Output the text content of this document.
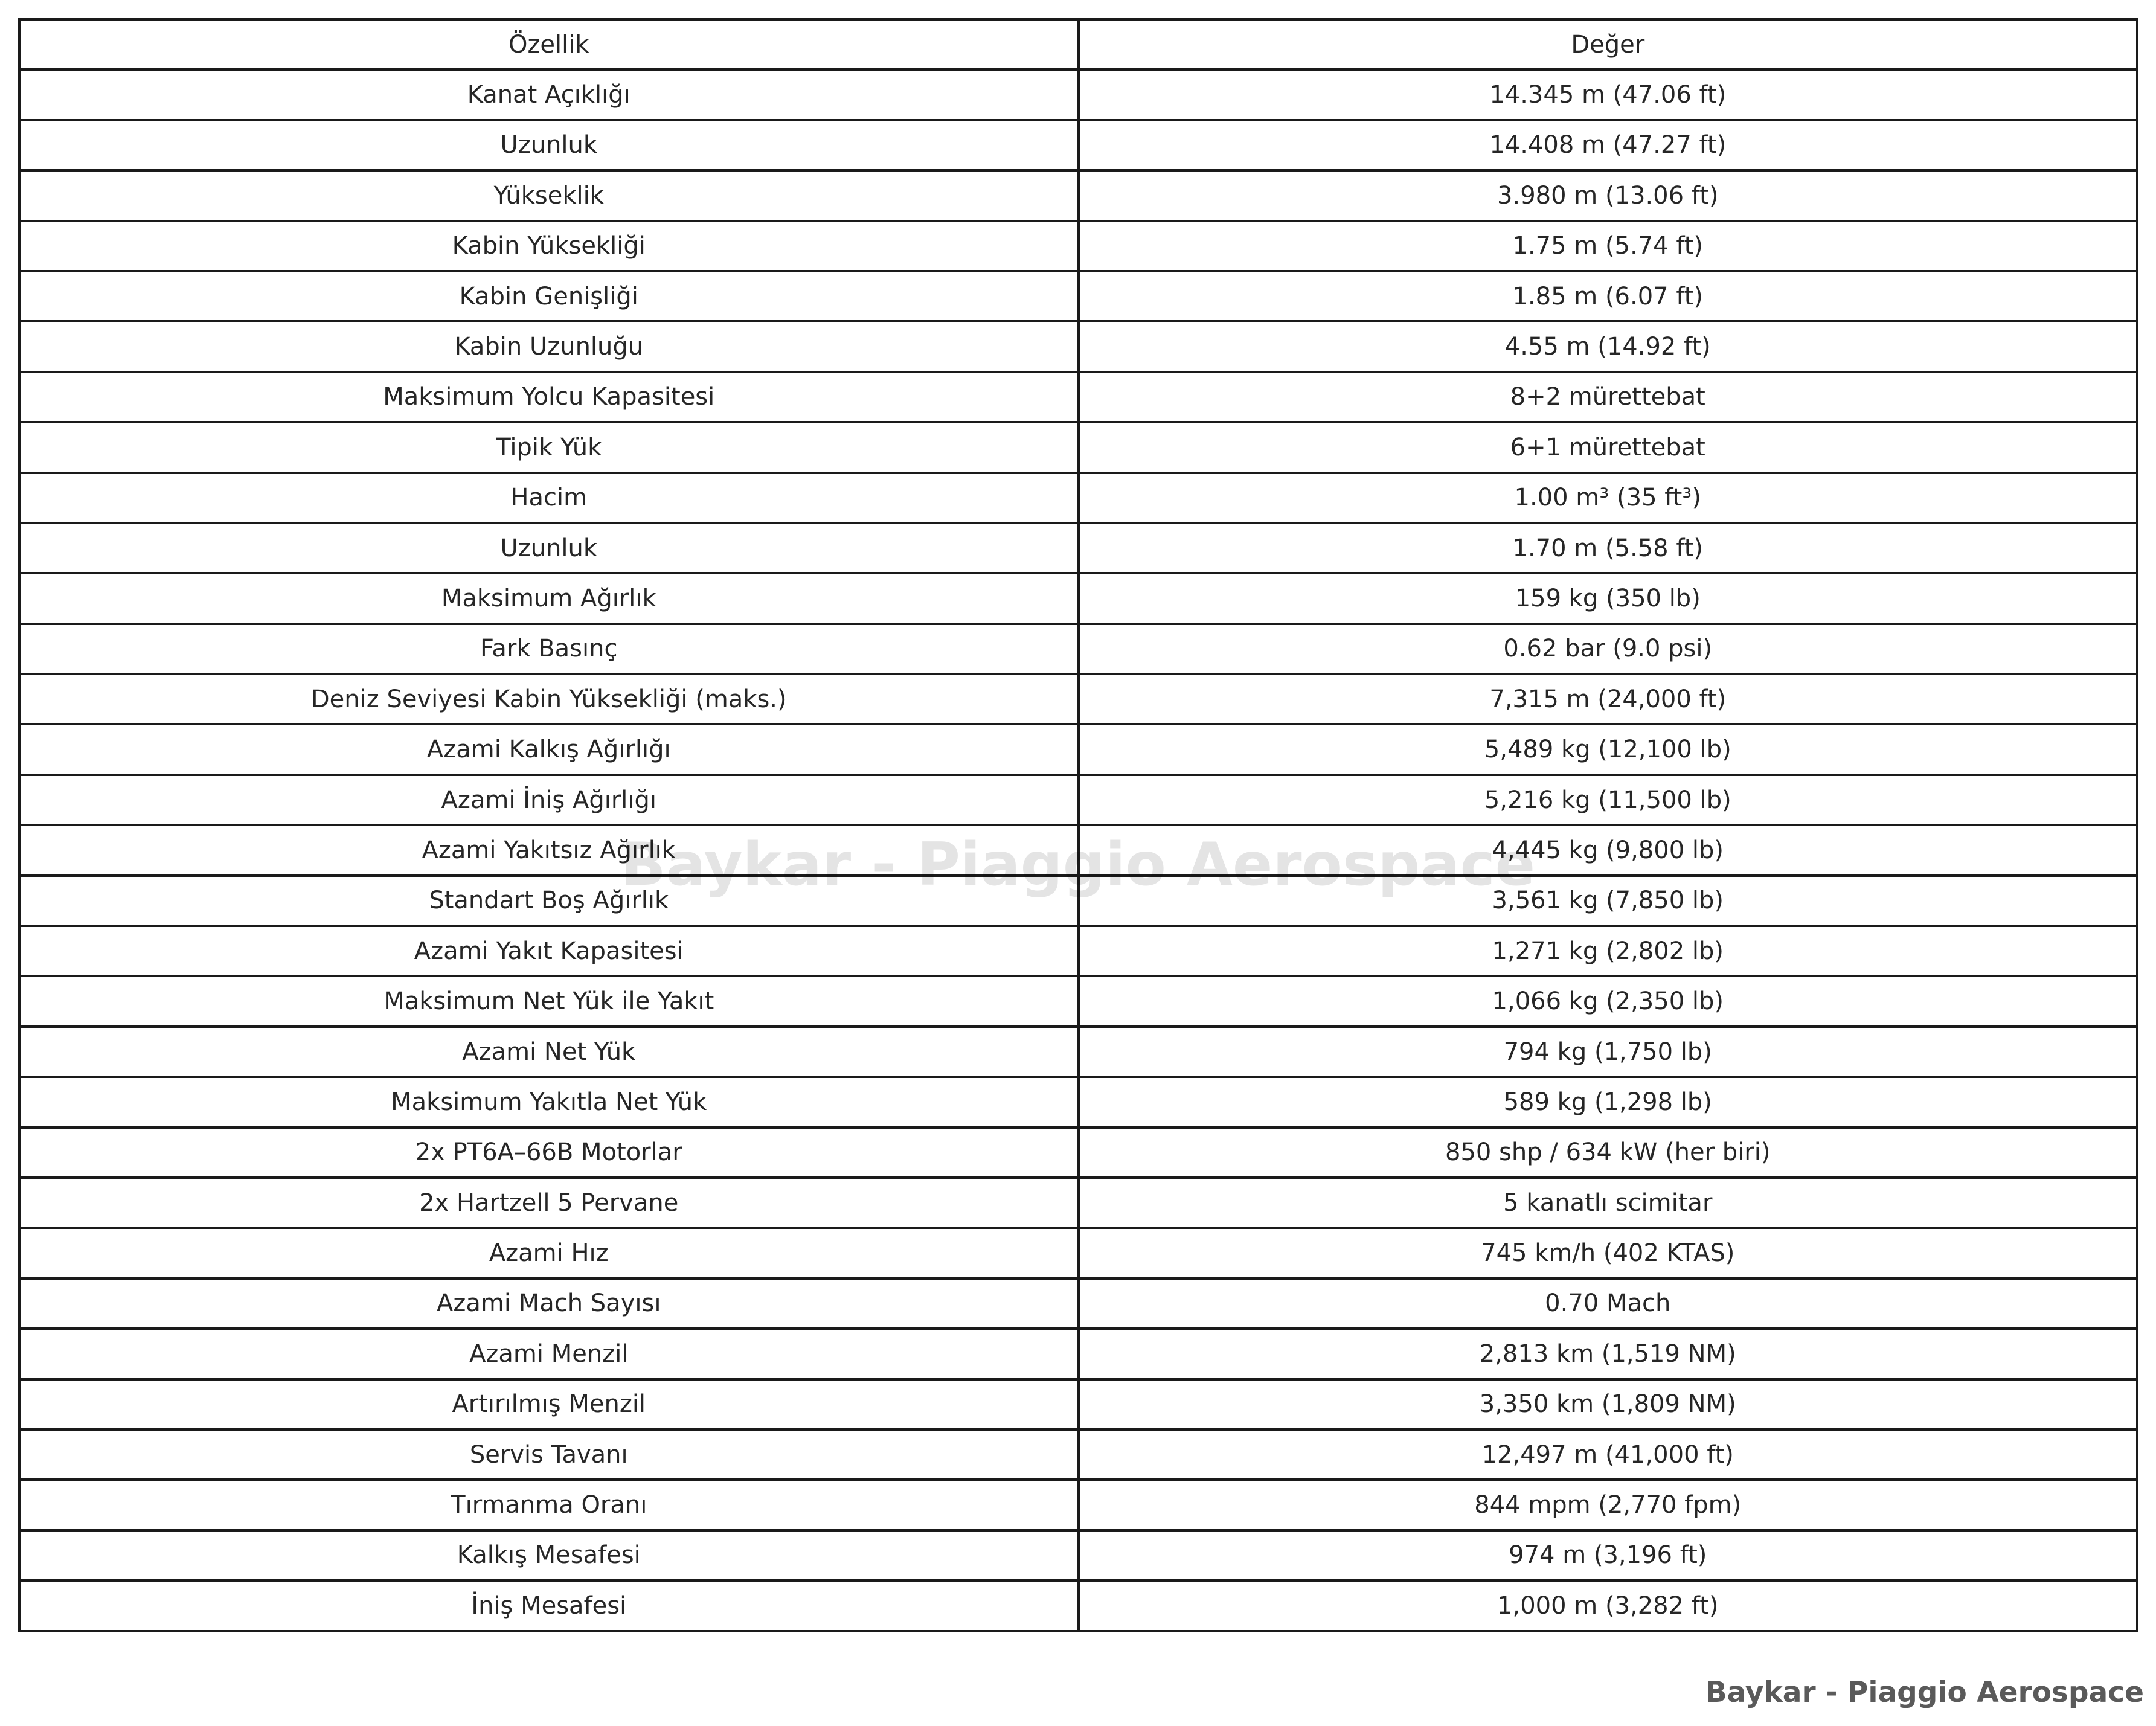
Özellik	Değer
Kanat Açıklığı	14.345 m (47.06 ft)
Uzunluk	14.408 m (47.27 ft)
Yükseklik	3.980 m (13.06 ft)
Kabin Yüksekliği	1.75 m (5.74 ft)
Kabin Genişliği	1.85 m (6.07 ft)
Kabin Uzunluğu	4.55 m (14.92 ft)
Maksimum Yolcu Kapasitesi	8+2 mürettebat
Tipik Yük	6+1 mürettebat
Hacim	1.00 m³ (35 ft³)
Uzunluk	1.70 m (5.58 ft)
Maksimum Ağırlık	159 kg (350 lb)
Fark Basınç	0.62 bar (9.0 psi)
Deniz Seviyesi Kabin Yüksekliği (maks.)	7,315 m (24,000 ft)
Azami Kalkış Ağırlığı	5,489 kg (12,100 lb)
Azami İniş Ağırlığı	5,216 kg (11,500 lb)
Azami Yakıtsız Ağırlık	4,445 kg (9,800 lb)
Standart Boş Ağırlık	3,561 kg (7,850 lb)
Azami Yakıt Kapasitesi	1,271 kg (2,802 lb)
Maksimum Net Yük ile Yakıt	1,066 kg (2,350 lb)
Azami Net Yük	794 kg (1,750 lb)
Maksimum Yakıtla Net Yük	589 kg (1,298 lb)
2x PT6A–66B Motorlar	850 shp / 634 kW (her biri)
2x Hartzell 5 Pervane	5 kanatlı scimitar
Azami Hız	745 km/h (402 KTAS)
Azami Mach Sayısı	0.70 Mach
Azami Menzil	2,813 km (1,519 NM)
Artırılmış Menzil	3,350 km (1,809 NM)
Servis Tavanı	12,497 m (41,000 ft)
Tırmanma Oranı	844 mpm (2,770 fpm)
Kalkış Mesafesi	974 m (3,196 ft)
İniş Mesafesi	1,000 m (3,282 ft)
Baykar - Piaggio Aerospace
Baykar - Piaggio Aerospace
